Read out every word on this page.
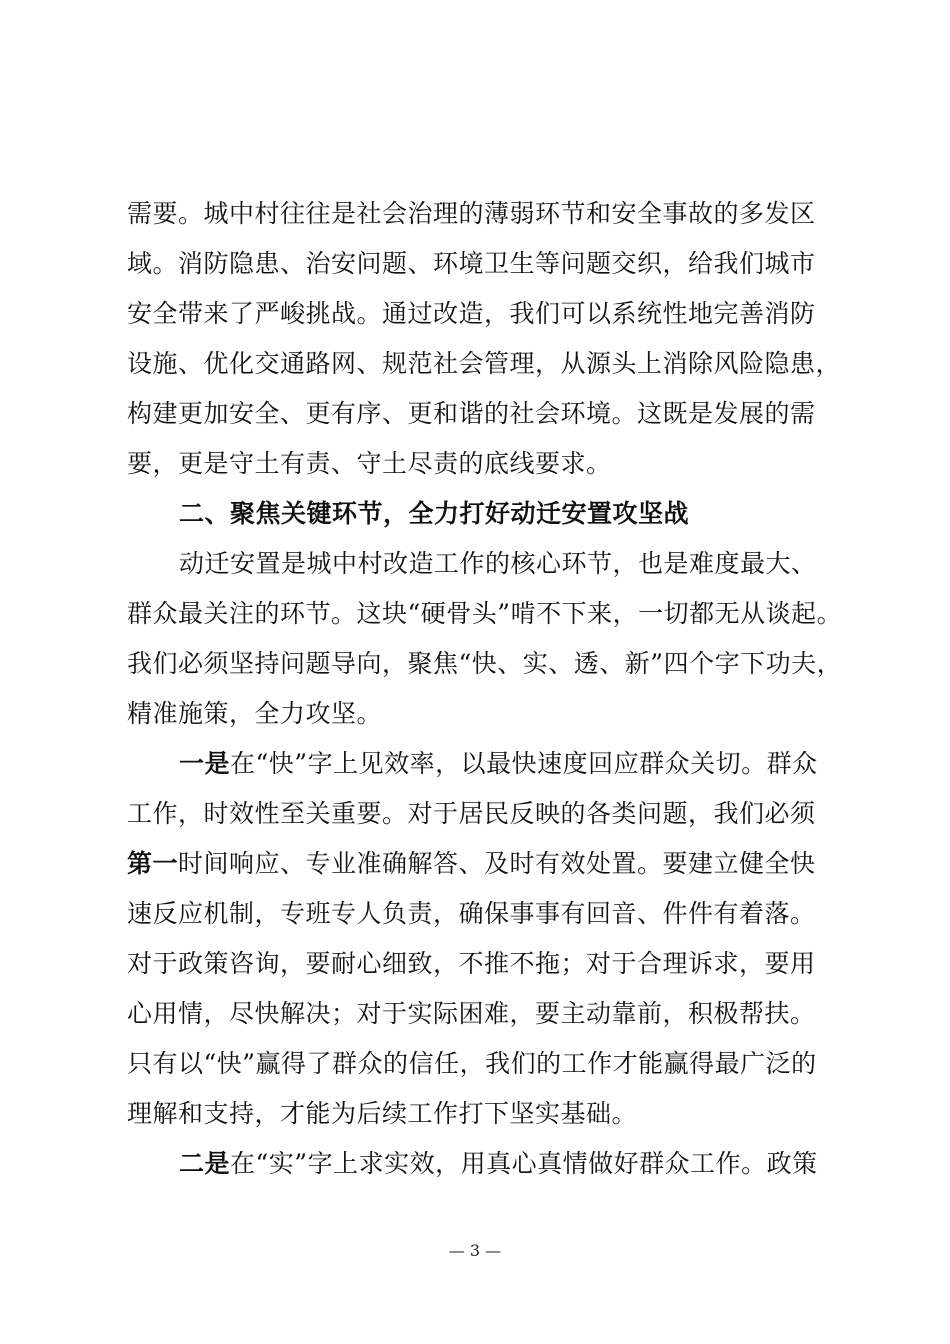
需要。城中村往往是社会治理的薄弱环节和安全事故的多发区
域。消防隐患、治安问题、环境卫生等问题交织，给我们城市
安全带来了严峻挑战。通过改造，我们可以系统性地完善消防
设施、优化交通路网、规范社会管理，从源头上消除风险隐患，
构建更加安全、更有序、更和谐的社会环境。这既是发展的需
要，更是守土有责、守土尽责的底线要求。
二、聚焦关键环节，全力打好动迁安置攻坚战
动迁安置是城中村改造工作的核心环节，也是难度最大、
群众最关注的环节。这块“硬骨头”啃不下来，一切都无从谈起。
我们必须坚持问题导向，聚焦“快、实、透、新”四个字下功夫，
精准施策，全力攻坚。
一是在“快”字上见效率，以最快速度回应群众关切。群众
工作，时效性至关重要。对于居民反映的各类问题，我们必须
第一时间响应、专业准确解答、及时有效处置。要建立健全快
速反应机制，专班专人负责，确保事事有回音、件件有着落。
对于政策咨询，要耐心细致，不推不拖；对于合理诉求，要用
心用情，尽快解决；对于实际困难，要主动靠前，积极帮扶。
只有以“快”赢得了群众的信任，我们的工作才能赢得最广泛的
理解和支持，才能为后续工作打下坚实基础。
二是在“实”字上求实效，用真心真情做好群众工作。政策
— 3 —
